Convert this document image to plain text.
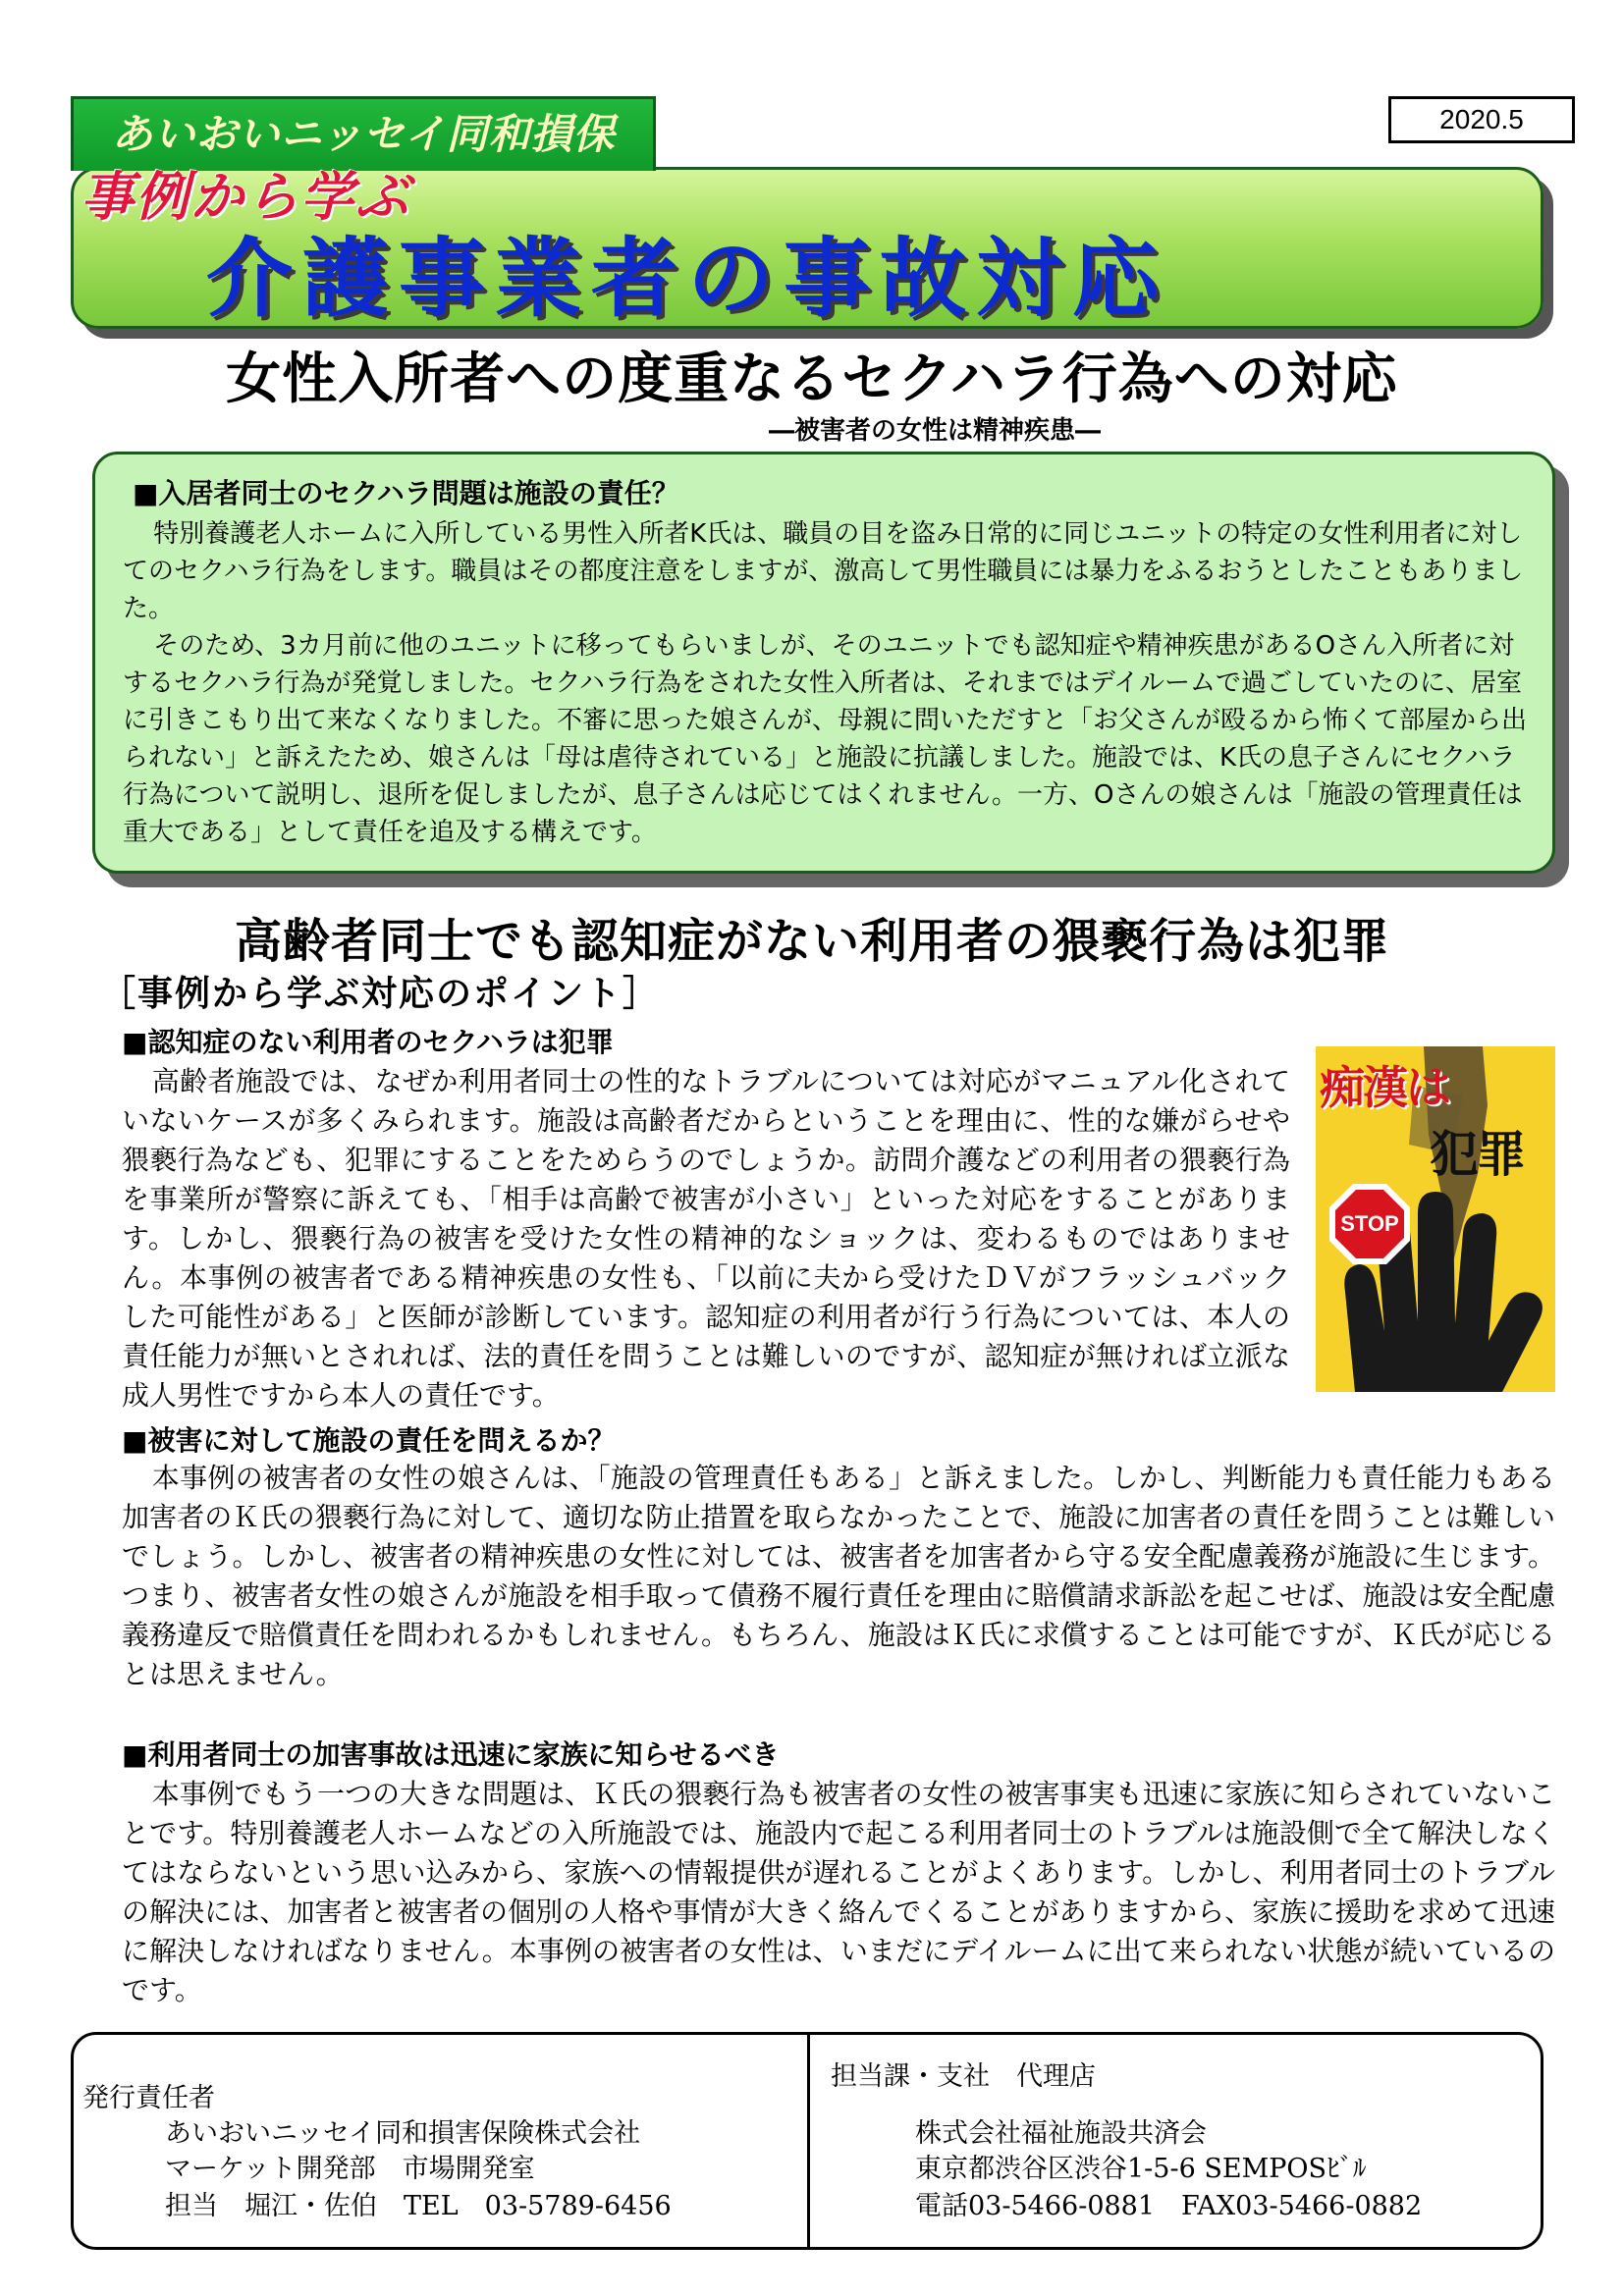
あいおいニッセイ同和損保	2020.5
事例から学ぶ
介護事業者の事故対応
女性入所者への度重なるセクハラ行為への対応
―被害者の女性は精神疾患―
■入居者同士のセクハラ問題は施設の責任？

特別養護老人ホームに入所している男性入所者K氏は、職員の目を盗み日常的に同じユニットの特定の女性利用者に対してのセクハラ行為をします。職員はその都度注意をしますが、激高して男性職員には暴力をふるおうとしたこともありました。

そのため、3カ月前に他のユニットに移ってもらいましが、そのユニットでも認知症や精神疾患があるOさん入所者に対するセクハラ行為が発覚しました。セクハラ行為をされた女性入所者は、それまではデイルームで過ごしていたのに、居室に引きこもり出て来なくなりました。不審に思った娘さんが、母親に問いただすと「お父さんが殴るから怖くて部屋から出られない」と訴えたため、娘さんは「母は虐待されている」と施設に抗議しました。施設では、K氏の息子さんにセクハラ行為について説明し、退所を促しましたが、息子さんは応じてはくれません。一方、Oさんの娘さんは「施設の管理責任は重大である」として責任を追及する構えです。

高齢者同士でも認知症がない利用者の猥褻行為は犯罪
［事例から学ぶ対応のポイント］
■認知症のない利用者のセクハラは犯罪

高齢者施設では、なぜか利用者同士の性的なトラブルについては対応がマニュアル化されていないケースが多くみられます。施設は高齢者だからということを理由に、性的な嫌がらせや猥褻行為なども、犯罪にすることをためらうのでしょうか。訪問介護などの利用者の猥褻行為を事業所が警察に訴えても、「相手は高齢で被害が小さい」といった対応をすることがあります。しかし、猥褻行為の被害を受けた女性の精神的なショックは、変わるものではありません。本事例の被害者である精神疾患の女性も、「以前に夫から受けたＤＶがフラッシュバックした可能性がある」と医師が診断しています。認知症の利用者が行う行為については、本人の責任能力が無いとされれば、法的責任を問うことは難しいのですが、認知症が無ければ立派な成人男性ですから本人の責任です。

痴漢は
犯罪
STOP
■被害に対して施設の責任を問えるか？

本事例の被害者の女性の娘さんは、「施設の管理責任もある」と訴えました。しかし、判断能力も責任能力もある加害者のＫ氏の猥褻行為に対して、適切な防止措置を取らなかったことで、施設に加害者の責任を問うことは難しいでしょう。しかし、被害者の精神疾患の女性に対しては、被害者を加害者から守る安全配慮義務が施設に生じます。つまり、被害者女性の娘さんが施設を相手取って債務不履行責任を理由に賠償請求訴訟を起こせば、施設は安全配慮義務違反で賠償責任を問われるかもしれません。もちろん、施設はＫ氏に求償することは可能ですが、Ｋ氏が応じるとは思えません。

■利用者同士の加害事故は迅速に家族に知らせるべき

本事例でもう一つの大きな問題は、Ｋ氏の猥褻行為も被害者の女性の被害事実も迅速に家族に知らされていないことです。特別養護老人ホームなどの入所施設では、施設内で起こる利用者同士のトラブルは施設側で全て解決しなくてはならないという思い込みから、家族への情報提供が遅れることがよくあります。しかし、利用者同士のトラブルの解決には、加害者と被害者の個別の人格や事情が大きく絡んでくることがありますから、家族に援助を求めて迅速に解決しなければなりません。本事例の被害者の女性は、いまだにデイルームに出て来られない状態が続いているのです。

発行責任者
あいおいニッセイ同和損害保険株式会社
マーケット開発部　市場開発室
担当　堀江・佐伯　TEL　03-5789-6456
担当課・支社　代理店
株式会社福祉施設共済会
東京都渋谷区渋谷1-5-6 SEMPOSﾋﾞﾙ
電話03-5466-0881　FAX03-5466-0882
